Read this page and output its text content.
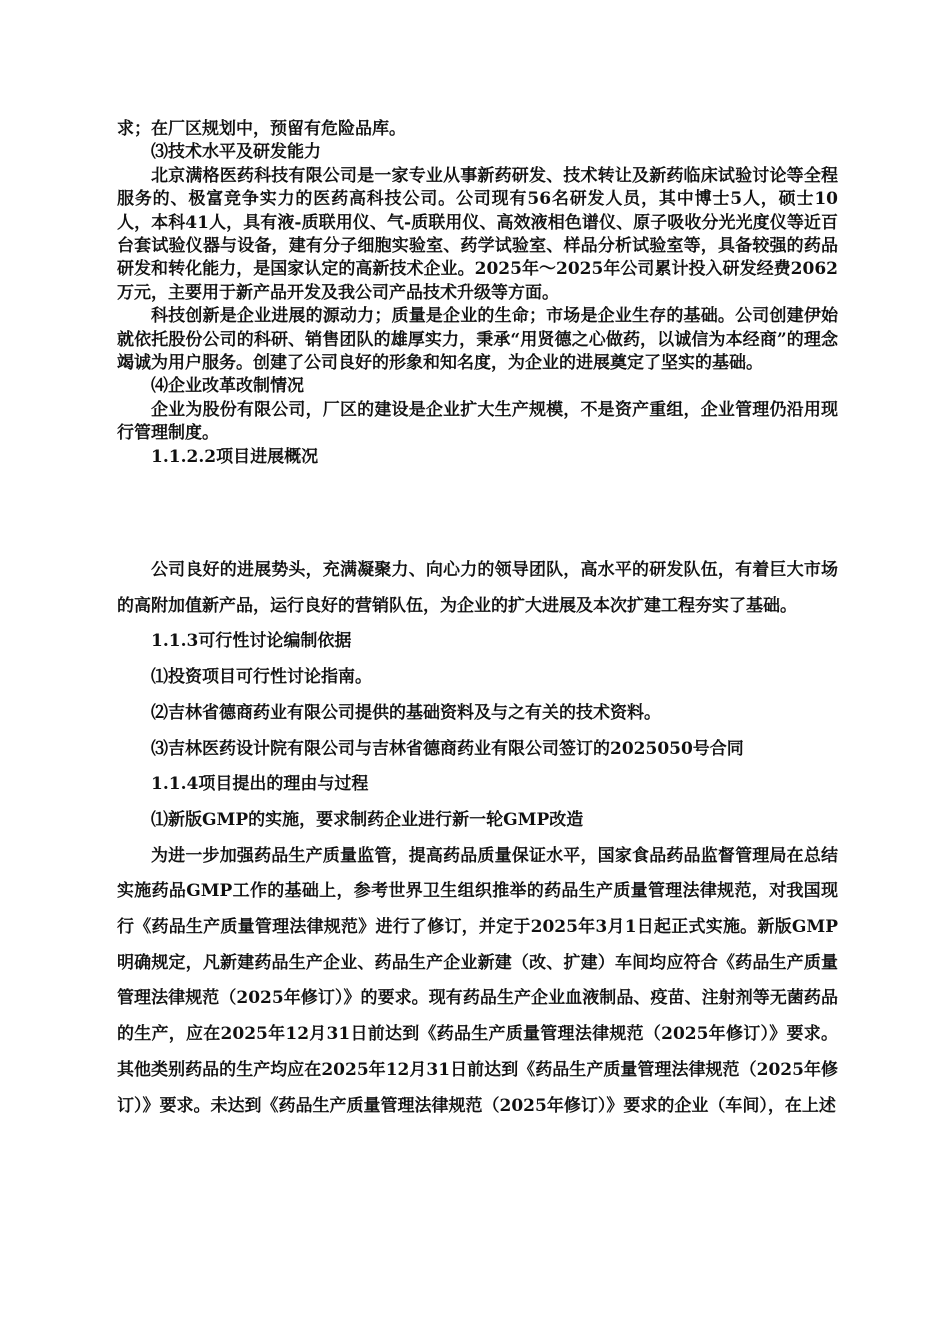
求；在厂区规划中，预留有危险品库。

⑶技术水平及研发能力

北京满格医药科技有限公司是一家专业从事新药研发、技术转让及新药临床试验讨论等全程服务的、极富竞争实力的医药高科技公司。公司现有56名研发人员，其中博士5人，硕士10人，本科41人，具有液-质联用仪、气-质联用仪、高效液相色谱仪、原子吸收分光光度仪等近百台套试验仪器与设备，建有分子细胞实验室、药学试验室、样品分析试验室等，具备较强的药品研发和转化能力，是国家认定的高新技术企业。2025年～2025年公司累计投入研发经费2062万元，主要用于新产品开发及我公司产品技术升级等方面。

科技创新是企业进展的源动力；质量是企业的生命；市场是企业生存的基础。公司创建伊始就依托股份公司的科研、销售团队的雄厚实力，秉承“用贤德之心做药，以诚信为本经商”的理念竭诚为用户服务。创建了公司良好的形象和知名度，为企业的进展奠定了坚实的基础。

⑷企业改革改制情况

企业为股份有限公司，厂区的建设是企业扩大生产规模，不是资产重组，企业管理仍沿用现行管理制度。

1.1.2.2项目进展概况

公司良好的进展势头，充满凝聚力、向心力的领导团队，高水平的研发队伍，有着巨大市场的高附加值新产品，运行良好的营销队伍，为企业的扩大进展及本次扩建工程夯实了基础。

1.1.3可行性讨论编制依据

⑴投资项目可行性讨论指南。

⑵吉林省德商药业有限公司提供的基础资料及与之有关的技术资料。

⑶吉林医药设计院有限公司与吉林省德商药业有限公司签订的2025050号合同

1.1.4项目提出的理由与过程

⑴新版GMP的实施，要求制药企业进行新一轮GMP改造

为进一步加强药品生产质量监管，提高药品质量保证水平，国家食品药品监督管理局在总结实施药品GMP工作的基础上，参考世界卫生组织推举的药品生产质量管理法律规范，对我国现行《药品生产质量管理法律规范》进行了修订，并定于2025年3月1日起正式实施。新版GMP明确规定，凡新建药品生产企业、药品生产企业新建（改、扩建）车间均应符合《药品生产质量管理法律规范（2025年修订）》的要求。现有药品生产企业血液制品、疫苗、注射剂等无菌药品的生产，应在2025年12月31日前达到《药品生产质量管理法律规范（2025年修订）》要求。其他类别药品的生产均应在2025年12月31日前达到《药品生产质量管理法律规范（2025年修订）》要求。未达到《药品生产质量管理法律规范（2025年修订）》要求的企业（车间），在上述
